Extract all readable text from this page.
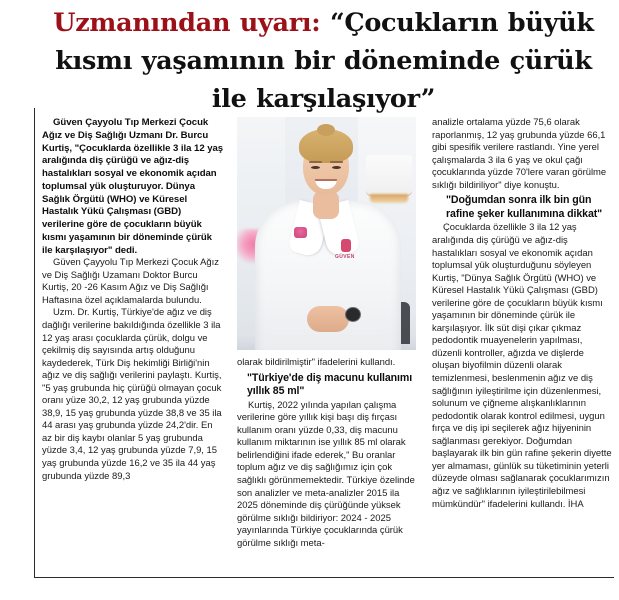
Uzmanından uyarı: “Çocukların büyük kısmı yaşamının bir döneminde çürük ile karşılaşıyor”

Güven Çayyolu Tıp Merkezi Çocuk Ağız ve Diş Sağlığı Uzmanı Dr. Burcu Kurtiş, "Çocuklarda özellikle 3 ila 12 yaş aralığında diş çürüğü ve ağız-diş hastalıkları sosyal ve ekonomik açıdan toplumsal yük oluşturuyor. Dünya Sağlık Örgütü (WHO) ve Küresel Hastalık Yükü Çalışması (GBD) verilerine göre de çocukların büyük kısmı yaşamının bir döneminde çürük ile karşılaşıyor" dedi.

Güven Çayyolu Tıp Merkezi Çocuk Ağız ve Diş Sağlığı Uzamanı Doktor Burcu Kurtiş, 20 -26 Kasım Ağız ve Diş Sağlığı Haftasına özel açıklamalarda bulundu.

Uzm. Dr. Kurtiş, Türkiye'de ağız ve diş dağlığı verilerine bakıldığında özellikle 3 ila 12 yaş arası çocuklarda çürük, dolgu ve çekilmiş diş sayısında artış olduğunu kaydederek, Türk Diş hekimliği Birliği'nin ağız ve diş sağlığı verilerini paylaştı. Kurtiş, "5 yaş grubunda hiç çürüğü olmayan çocuk oranı yüze 30,2, 12 yaş grubunda yüzde 38,9, 15 yaş grubunda yüzde 38,8 ve 35 ila 44 arası yaş grubunda yüzde 24,2'dir. En az bir diş kaybı olanlar 5 yaş grubunda yüzde 3,4, 12 yaş grubunda yüzde 7,9, 15 yaş grubunda yüzde 16,2 ve 35 ila 44 yaş grubunda yüzde 89,3

GÜVEN

olarak bildirilmiştir" ifadelerini kullandı.

"Türkiye'de diş macunu kullanımı yıllık 85 ml"

Kurtiş, 2022 yılında yapılan çalışma verilerine göre yıllık kişi başı diş fırçası kullanım oranı yüzde 0,33, diş macunu kullanım miktarının ise yıllık 85 ml olarak belirlendiğini ifade ederek," Bu oranlar toplum ağız ve diş sağlığımız için çok sağlıklı görünmemektedir. Türkiye özelinde son analizler ve meta-analizler 2015 ila 2025 döneminde diş çürüğünde yüksek görülme sıklığı bildiriyor: 2024 - 2025 yayınlarında Türkiye çocuklarında çürük görülme sıklığı meta-

analizle ortalama yüzde 75,6 olarak raporlanmış, 12 yaş grubunda yüzde 66,1 gibi spesifik verilere rastlandı. Yine yerel çalışmalarda 3 ila 6 yaş ve okul çağı çocuklarında yüzde 70'lere varan görülme sıklığı bildiriliyor" diye konuştu.

"Doğumdan sonra ilk bin gün rafine şeker kullanımına dikkat"

Çocuklarda özellikle 3 ila 12 yaş aralığında diş çürüğü ve ağız-diş hastalıkları sosyal ve ekonomik açıdan toplumsal yük oluşturduğunu söyleyen Kurtiş, "Dünya Sağlık Örgütü (WHO) ve Küresel Hastalık Yükü Çalışması (GBD) verilerine göre de çocukların büyük kısmı yaşamının bir döneminde çürük ile karşılaşıyor. İlk süt dişi çıkar çıkmaz pedodontik muayenelerin yapılması, düzenli kontroller, ağızda ve dişlerde oluşan biyofilmin düzenli olarak temizlenmesi, beslenmenin ağız ve diş sağlığının iyileştirilme için düzenlenmesi, solunum ve çiğneme alışkanlıklarının pedodontik olarak kontrol edilmesi, uygun fırça ve diş ipi seçilerek ağız hijyeninin sağlanması gerekiyor. Doğumdan başlayarak ilk bin gün rafine şekerin diyette yer almaması, günlük su tüketiminin yeterli düzeyde olması sağlanarak çocuklarımızın ağız ve sağlıklarının iyileştirilebilmesi mümkündür" ifadelerini kullandı. İHA
